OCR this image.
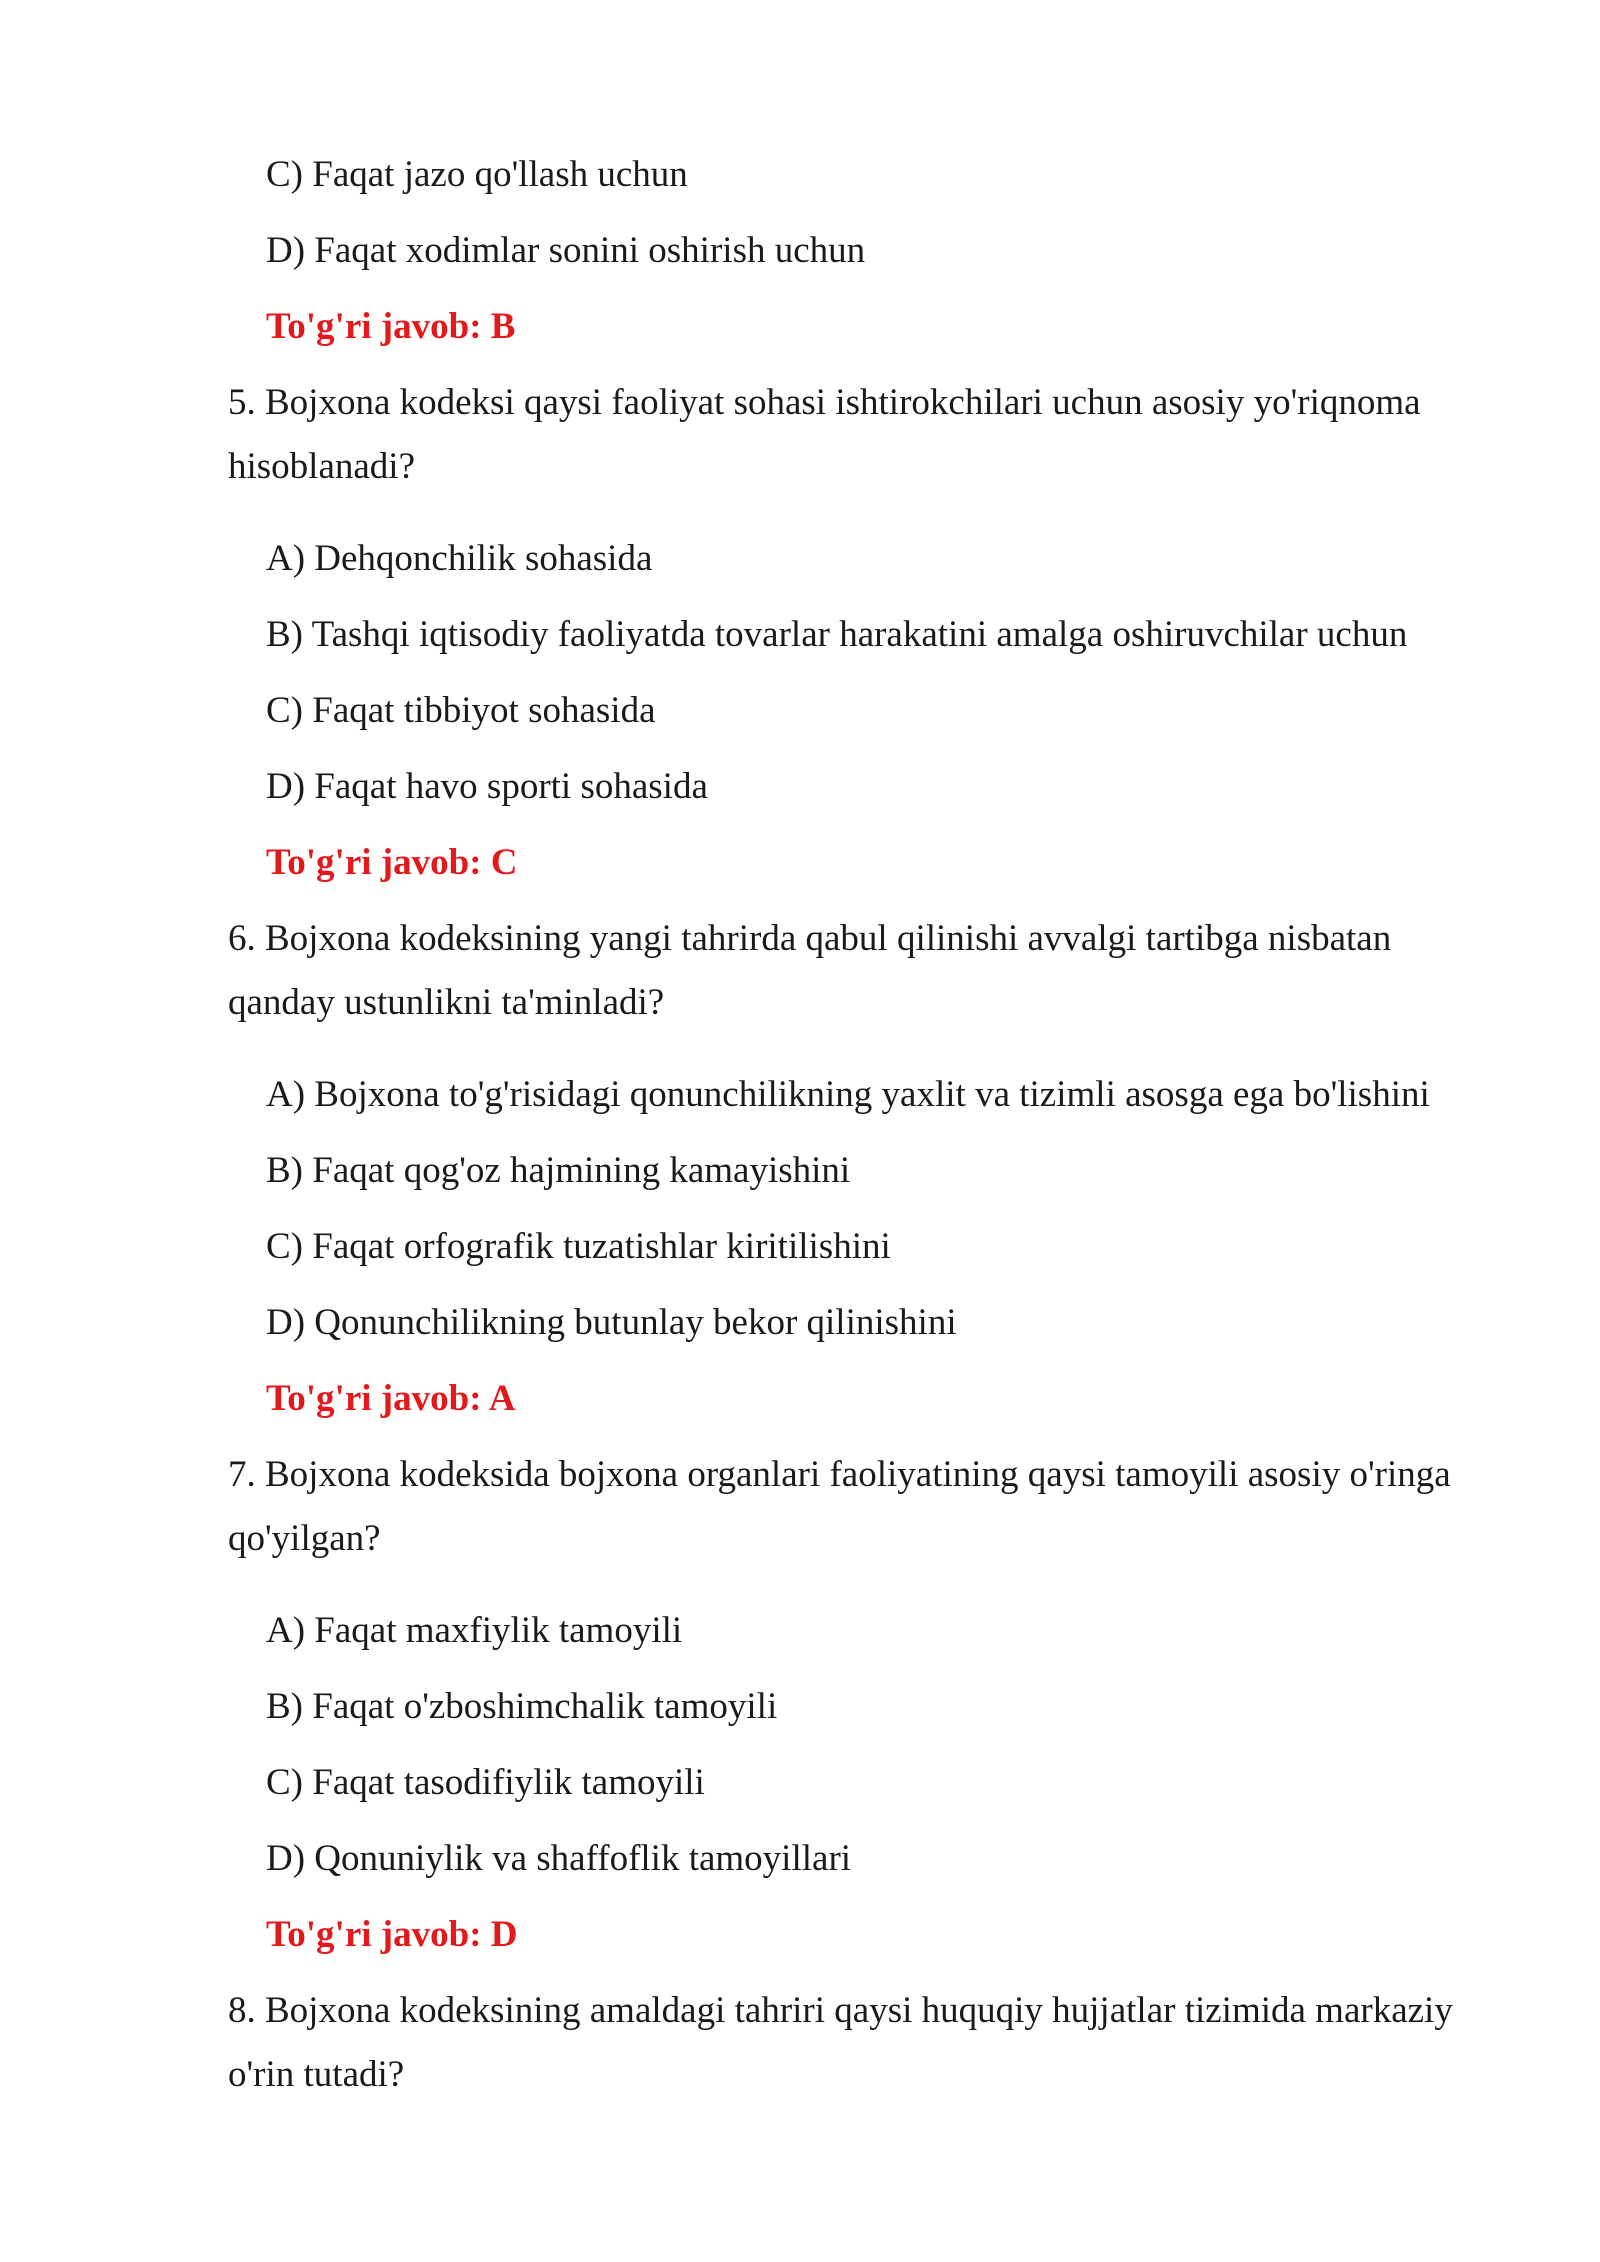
C) Faqat jazo qo'llash uchun
D) Faqat xodimlar sonini oshirish uchun
To'g'ri javob: B
5. Bojxona kodeksi qaysi faoliyat sohasi ishtirokchilari uchun asosiy yo'riqnoma
hisoblanadi?
A) Dehqonchilik sohasida
B) Tashqi iqtisodiy faoliyatda tovarlar harakatini amalga oshiruvchilar uchun
C) Faqat tibbiyot sohasida
D) Faqat havo sporti sohasida
To'g'ri javob: C
6. Bojxona kodeksining yangi tahrirda qabul qilinishi avvalgi tartibga nisbatan
qanday ustunlikni ta'minladi?
A) Bojxona to'g'risidagi qonunchilikning yaxlit va tizimli asosga ega bo'lishini
B) Faqat qog'oz hajmining kamayishini
C) Faqat orfografik tuzatishlar kiritilishini
D) Qonunchilikning butunlay bekor qilinishini
To'g'ri javob: A
7. Bojxona kodeksida bojxona organlari faoliyatining qaysi tamoyili asosiy o'ringa
qo'yilgan?
A) Faqat maxfiylik tamoyili
B) Faqat o'zboshimchalik tamoyili
C) Faqat tasodifiylik tamoyili
D) Qonuniylik va shaffoflik tamoyillari
To'g'ri javob: D
8. Bojxona kodeksining amaldagi tahriri qaysi huquqiy hujjatlar tizimida markaziy
o'rin tutadi?
